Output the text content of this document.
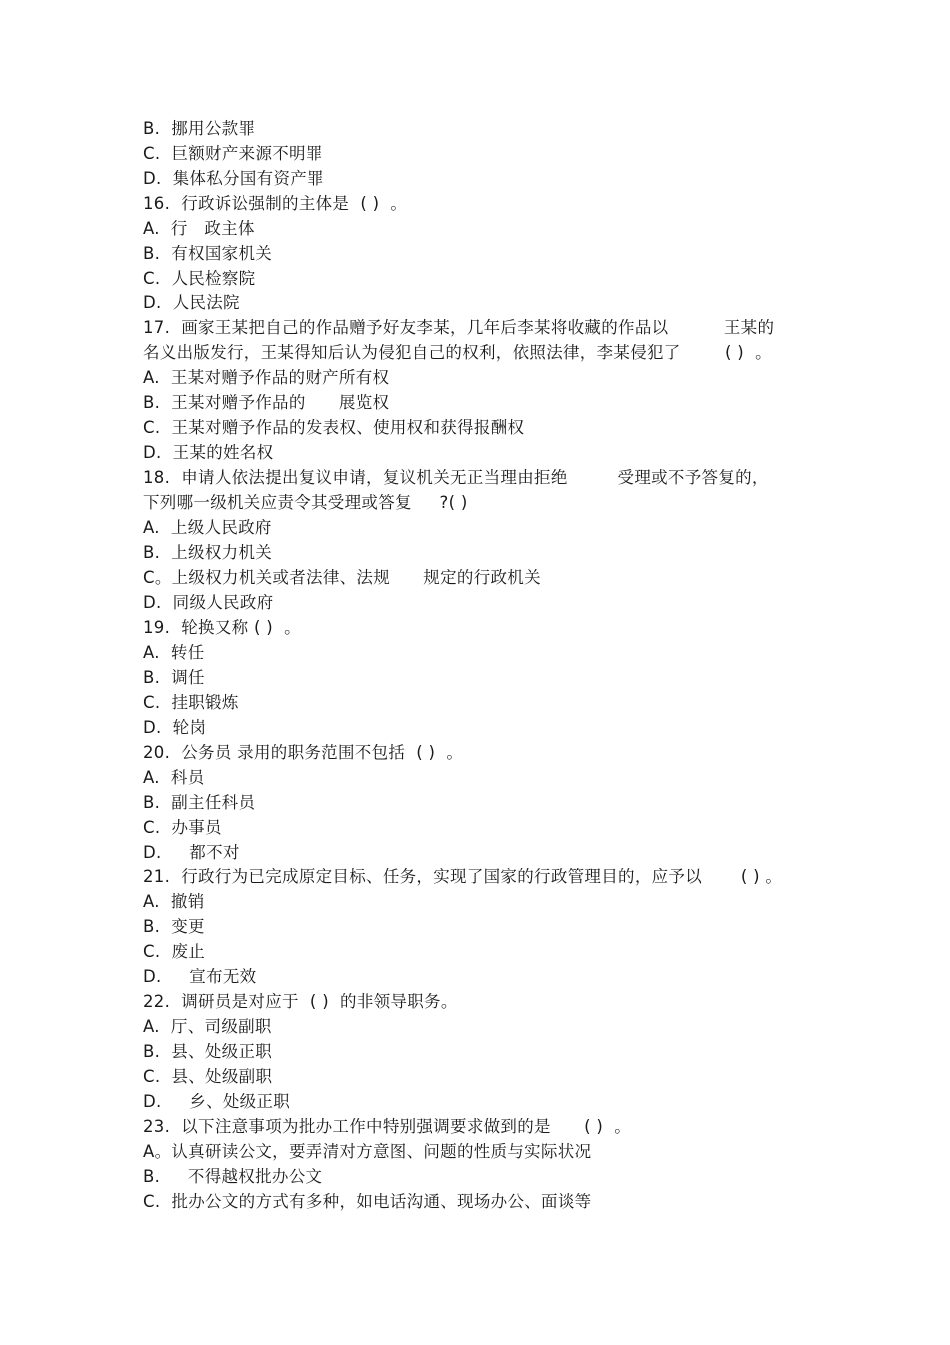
B.  挪用公款罪
C.  巨额财产来源不明罪
D.  集体私分国有资产罪
16.  行政诉讼强制的主体是  ( )  。
A.  行   政主体
B.  有权国家机关
C.  人民检察院
D.  人民法院
17.  画家王某把自己的作品赠予好友李某，几年后李某将收藏的作品以          王某的
名义出版发行，王某得知后认为侵犯自己的权利，依照法律，李某侵犯了        ( )  。
A.  王某对赠予作品的财产所有权
B.  王某对赠予作品的      展览权
C.  王某对赠予作品的发表权、使用权和获得报酬权
D.  王某的姓名权
18.  申请人依法提出复议申请，复议机关无正当理由拒绝         受理或不予答复的，
下列哪一级机关应责令其受理或答复     ?( )
A.  上级人民政府
B.  上级权力机关
C。上级权力机关或者法律、法规      规定的行政机关
D.  同级人民政府
19.  轮换又称 ( )  。
A.  转任
B.  调任
C.  挂职锻炼
D.  轮岗
20.  公务员 录用的职务范围不包括  ( )  。
A.  科员
B.  副主任科员
C.  办事员
D.     都不对
21.  行政行为已完成原定目标、任务，实现了国家的行政管理目的，应予以       ( ) 。
A.  撤销
B.  变更
C.  废止
D.     宣布无效
22.  调研员是对应于  ( )  的非领导职务。
A.  厅、司级副职
B.  县、处级正职
C.  县、处级副职
D.     乡、处级正职
23.  以下注意事项为批办工作中特别强调要求做到的是      ( )  。
A。认真研读公文，要弄清对方意图、问题的性质与实际状况
B.     不得越权批办公文
C.  批办公文的方式有多种，如电话沟通、现场办公、面谈等
